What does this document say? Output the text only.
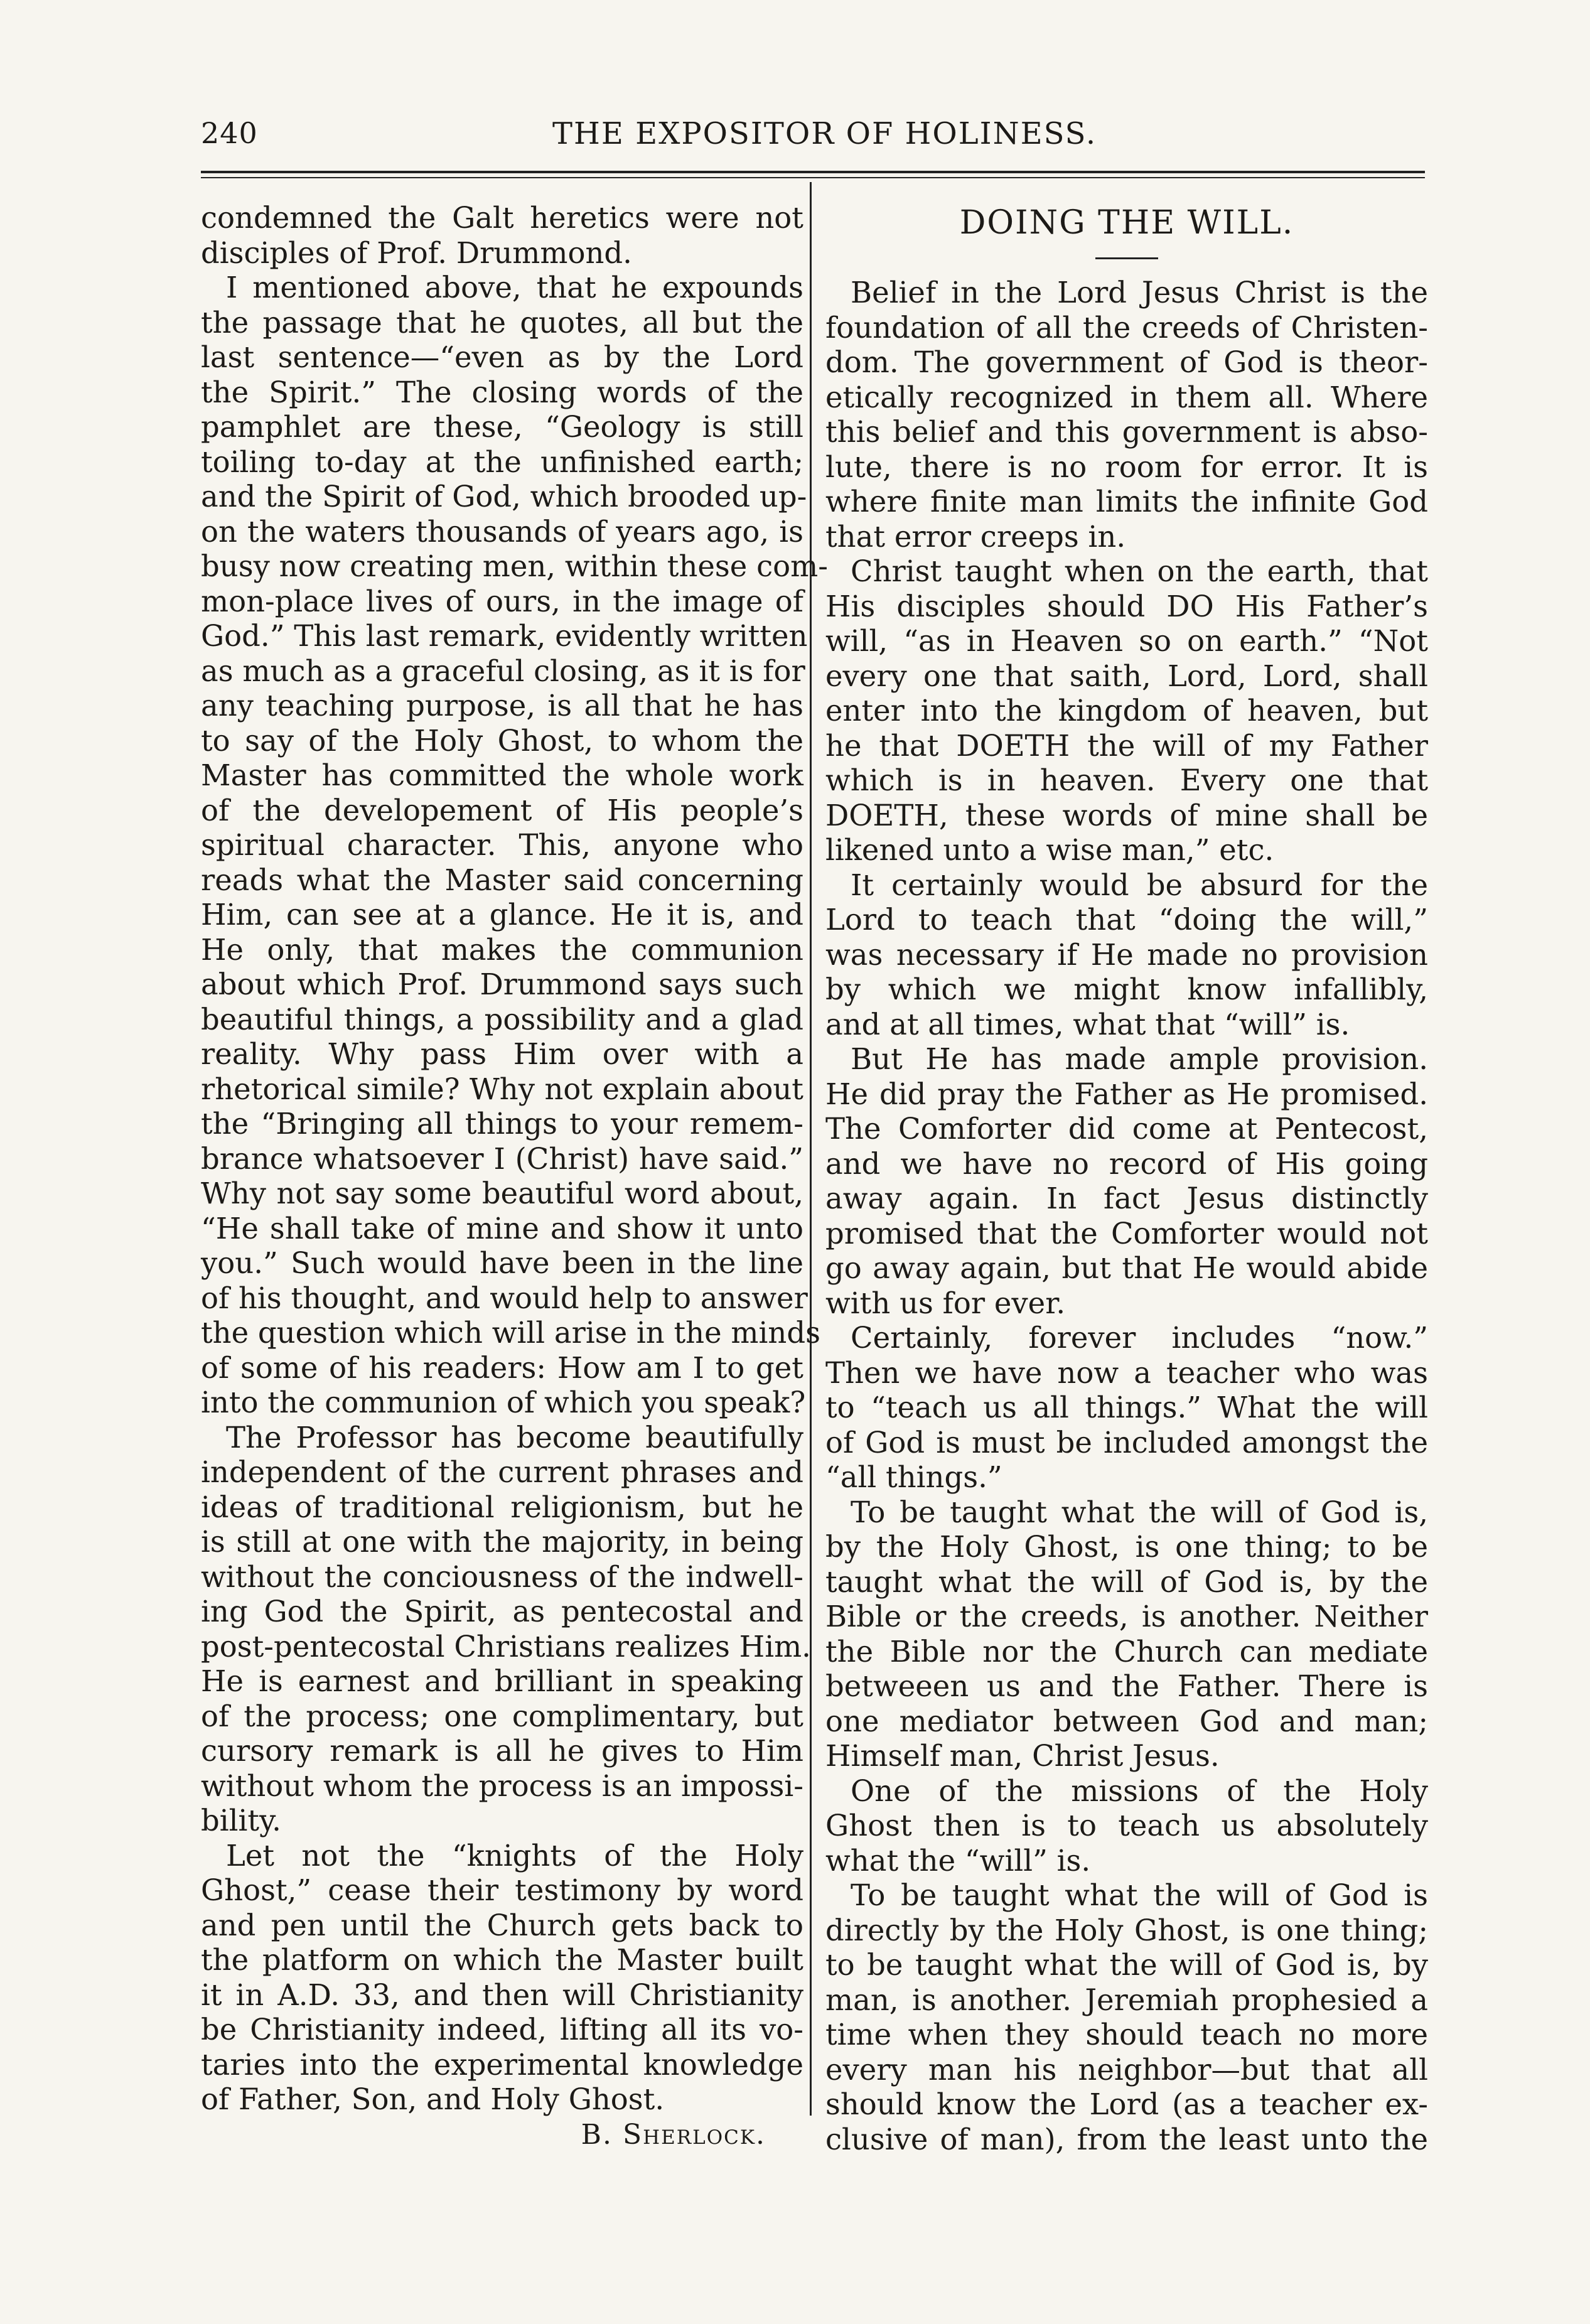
240	THE EXPOSITOR OF HOLINESS.
condemned the Galt heretics were not
disciples of Prof. Drummond.
I mentioned above, that he expounds
the passage that he quotes, all but the
last sentence—“even as by the Lord
the Spirit.” The closing words of the
pamphlet are these, “Geology is still
toiling to-day at the unfinished earth;
and the Spirit of God, which brooded up-
on the waters thousands of years ago, is
busy now creating men, within these com-
mon-place lives of ours, in the image of
God.” This last remark, evidently written
as much as a graceful closing, as it is for
any teaching purpose, is all that he has
to say of the Holy Ghost, to whom the
Master has committed the whole work
of the developement of His people’s
spiritual character. This, anyone who
reads what the Master said concerning
Him, can see at a glance. He it is, and
He only, that makes the communion
about which Prof. Drummond says such
beautiful things, a possibility and a glad
reality. Why pass Him over with a
rhetorical simile? Why not explain about
the “Bringing all things to your remem-
brance whatsoever I (Christ) have said.”
Why not say some beautiful word about,
“He shall take of mine and show it unto
you.” Such would have been in the line
of his thought, and would help to answer
the question which will arise in the minds
of some of his readers: How am I to get
into the communion of which you speak?
The Professor has become beautifully
independent of the current phrases and
ideas of traditional religionism, but he
is still at one with the majority, in being
without the conciousness of the indwell-
ing God the Spirit, as pentecostal and
post-pentecostal Christians realizes Him.
He is earnest and brilliant in speaking
of the process; one complimentary, but
cursory remark is all he gives to Him
without whom the process is an impossi-
bility.
Let not the “knights of the Holy
Ghost,” cease their testimony by word
and pen until the Church gets back to
the platform on which the Master built
it in A.D. 33, and then will Christianity
be Christianity indeed, lifting all its vo-
taries into the experimental knowledge
of Father, Son, and Holy Ghost.
B. Sherlock.
DOING THE WILL.
Belief in the Lord Jesus Christ is the
foundation of all the creeds of Christen-
dom. The government of God is theor-
etically recognized in them all. Where
this belief and this government is abso-
lute, there is no room for error. It is
where finite man limits the infinite God
that error creeps in.
Christ taught when on the earth, that
His disciples should DO His Father’s
will, “as in Heaven so on earth.” “Not
every one that saith, Lord, Lord, shall
enter into the kingdom of heaven, but
he that DOETH the will of my Father
which is in heaven. Every one that
DOETH, these words of mine shall be
likened unto a wise man,” etc.
It certainly would be absurd for the
Lord to teach that “doing the will,”
was necessary if He made no provision
by which we might know infallibly,
and at all times, what that “will” is.
But He has made ample provision.
He did pray the Father as He promised.
The Comforter did come at Pentecost,
and we have no record of His going
away again. In fact Jesus distinctly
promised that the Comforter would not
go away again, but that He would abide
with us for ever.
Certainly, forever includes “now.”
Then we have now a teacher who was
to “teach us all things.” What the will
of God is must be included amongst the
“all things.”
To be taught what the will of God is,
by the Holy Ghost, is one thing; to be
taught what the will of God is, by the
Bible or the creeds, is another. Neither
the Bible nor the Church can mediate
betweeen us and the Father. There is
one mediator between God and man;
Himself man, Christ Jesus.
One of the missions of the Holy
Ghost then is to teach us absolutely
what the “will” is.
To be taught what the will of God is
directly by the Holy Ghost, is one thing;
to be taught what the will of God is, by
man, is another. Jeremiah prophesied a
time when they should teach no more
every man his neighbor—but that all
should know the Lord (as a teacher ex-
clusive of man), from the least unto the
